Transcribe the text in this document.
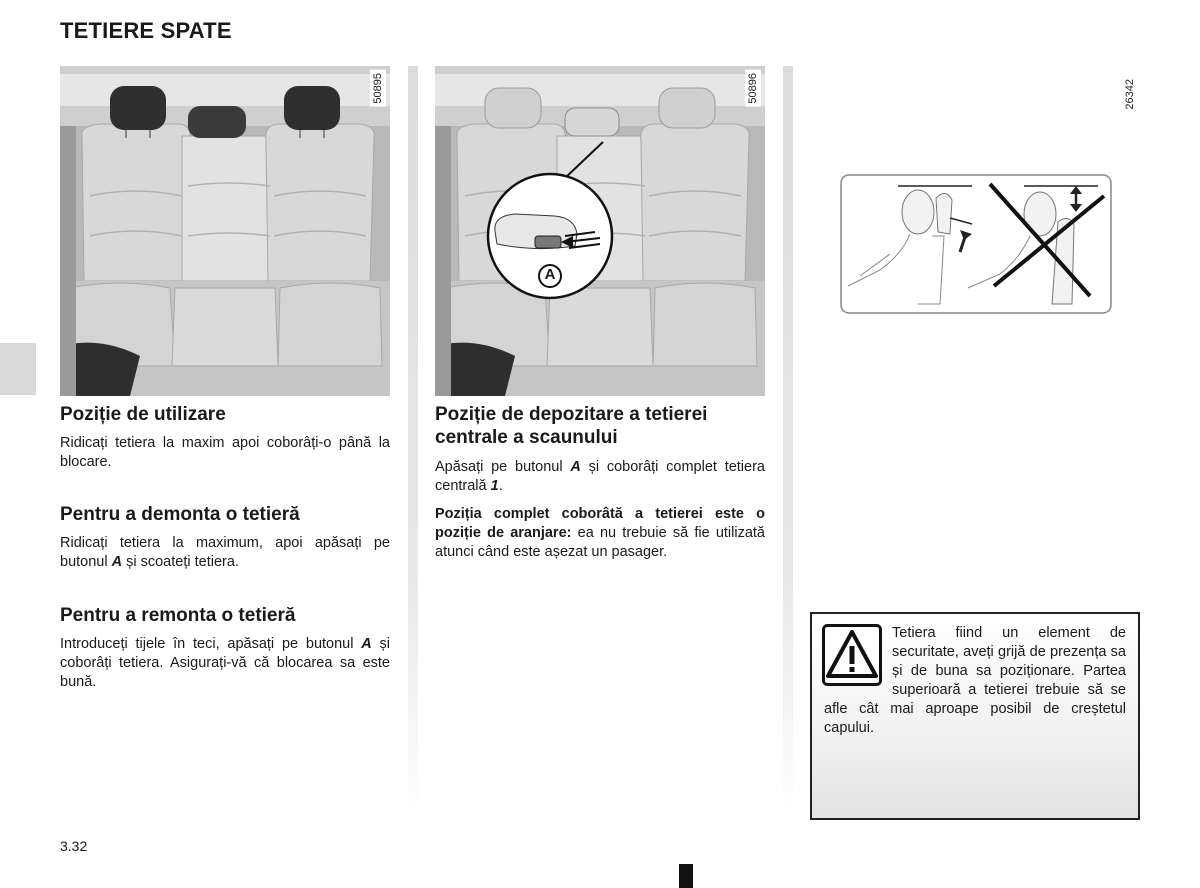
TETIERE SPATE
50895
A
50896	26342
Poziție de utilizare

Ridicați tetiera la maxim apoi coborâți-o până la blocare.

Pentru a demonta o tetieră

Ridicați tetiera la maximum, apoi apăsați pe butonul A și scoateți tetiera.

Pentru a remonta o tetieră

Introduceți tijele în teci, apăsați pe butonul A și coborâți tetiera. Asigurați-vă că blocarea sa este bună.

Poziție de depozitare a tetierei centrale a scaunului

Apăsați pe butonul A și coborâți complet tetiera centrală 1.

Poziția complet coborâtă a tetierei este o poziție de aranjare: ea nu trebuie să fie utilizată atunci când este așezat un pasager.

Tetiera fiind un element de securitate, aveți grijă de prezența sa și de buna sa poziționare. Partea superioară a tetierei trebuie să se afle cât mai aproape posibil de creștetul capului.

3.32
